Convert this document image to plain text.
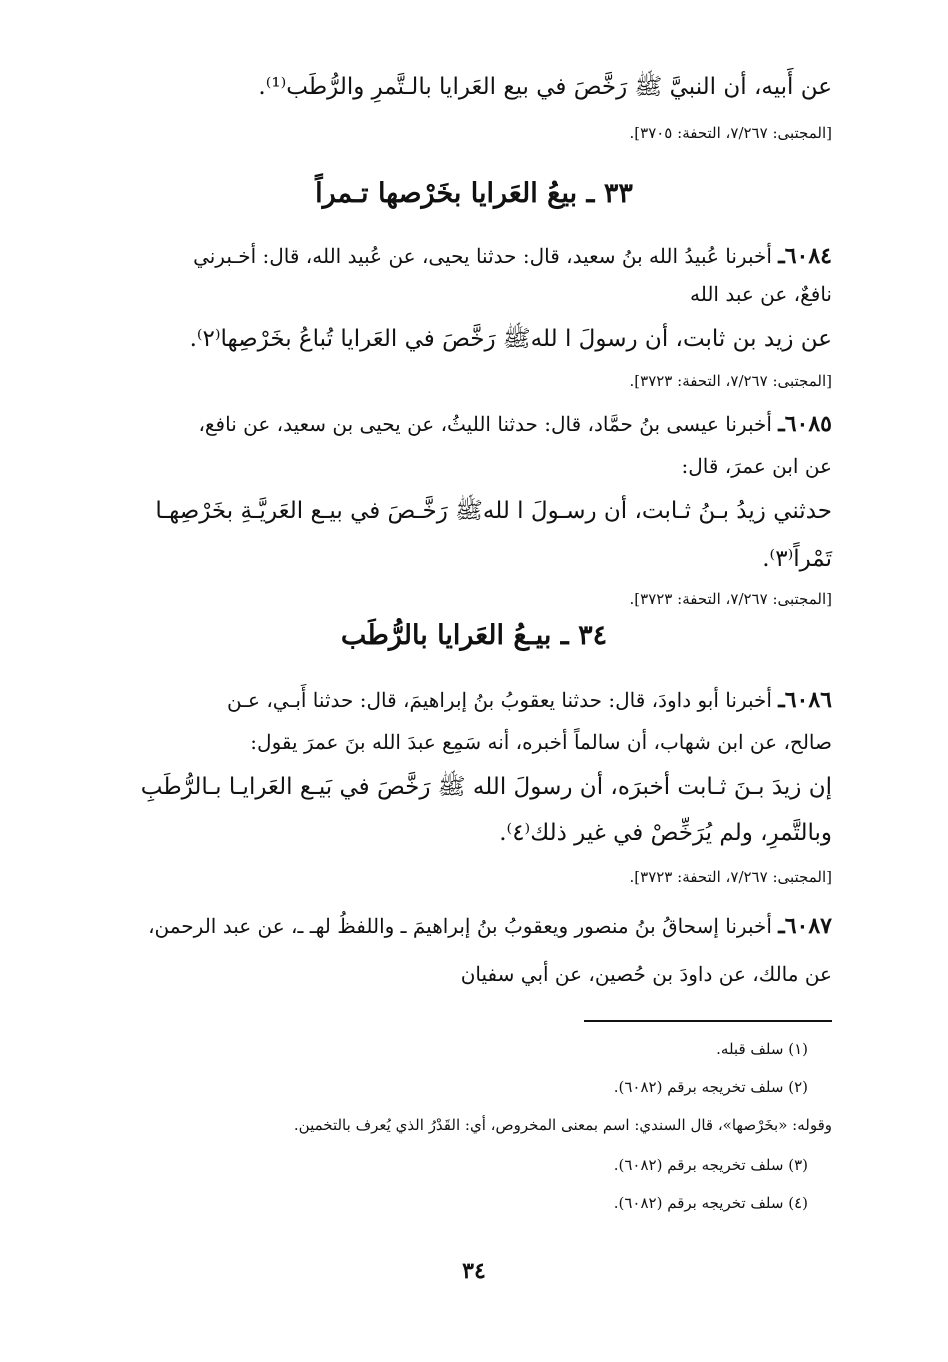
عن أَبيه، أن النبيَّ ﷺ رَخَّصَ في بيع العَرايا بالـتَّمرِ والرُّطَب⁽¹⁾.
[المجتبى: ٧/٢٦٧، التحفة: ٣٧٠٥].
٣٣ ـ بيعُ العَرايا بخَرْصها تـمراً
٦٠٨٤ـ أخبرنا عُبيدُ الله بنُ سعيد، قال: حدثنا يحيى، عن عُبيد الله، قال: أخـبرني
نافعٌ، عن عبد الله
عن زيد بن ثابت، أن رسولَ ا للهﷺ رَخَّصَ في العَرايا تُباعُ بخَرْصِها⁽٢⁾.
[المجتبى: ٧/٢٦٧، التحفة: ٣٧٢٣].
٦٠٨٥ـ أخبرنا عيسى بنُ حمَّاد، قال: حدثنا الليثُ، عن يحيى بن سعيد، عن نافع،
عن ابن عمرَ، قال:
حدثني زيدُ بـنُ ثـابت، أن رسـولَ ا للهﷺ رَخَّـصَ في بيـع العَريَّـةِ بخَرْصِهـا
تَمْراً⁽٣⁾.
[المجتبى: ٧/٢٦٧، التحفة: ٣٧٢٣].
٣٤ ـ بيـعُ العَرايا بالرُّطَب
٦٠٨٦ـ أخبرنا أبو داودَ، قال: حدثنا يعقوبُ بنُ إبراهيمَ، قال: حدثنا أَبـي، عـن
صالح، عن ابن شهاب، أن سالماً أخبره، أنه سَمِع عبدَ الله بنَ عمرَ يقول:
إن زيدَ بـنَ ثـابت أخبرَه، أن رسولَ الله ﷺ رَخَّصَ في بَيـع العَرايـا بـالرُّطَبِ
وبالتَّمرِ، ولم يُرَخِّصْ في غير ذلك⁽٤⁾.
[المجتبى: ٧/٢٦٧، التحفة: ٣٧٢٣].
٦٠٨٧ـ أخبرنا إسحاقُ بنُ منصور ويعقوبُ بنُ إبراهيمَ ـ واللفظُ لهـ ـ، عن عبد الرحمن،
عن مالك، عن داودَ بن حُصين، عن أبي سفيان
(١) سلف قبله.
(٢) سلف تخريجه برقم (٦٠٨٢).
وقوله: «بخَرْصها»، قال السندي: اسم بمعنى المخروص، أي: القَدْرُ الذي يُعرف بالتخمين.
(٣) سلف تخريجه برقم (٦٠٨٢).
(٤) سلف تخريجه برقم (٦٠٨٢).
٣٤
